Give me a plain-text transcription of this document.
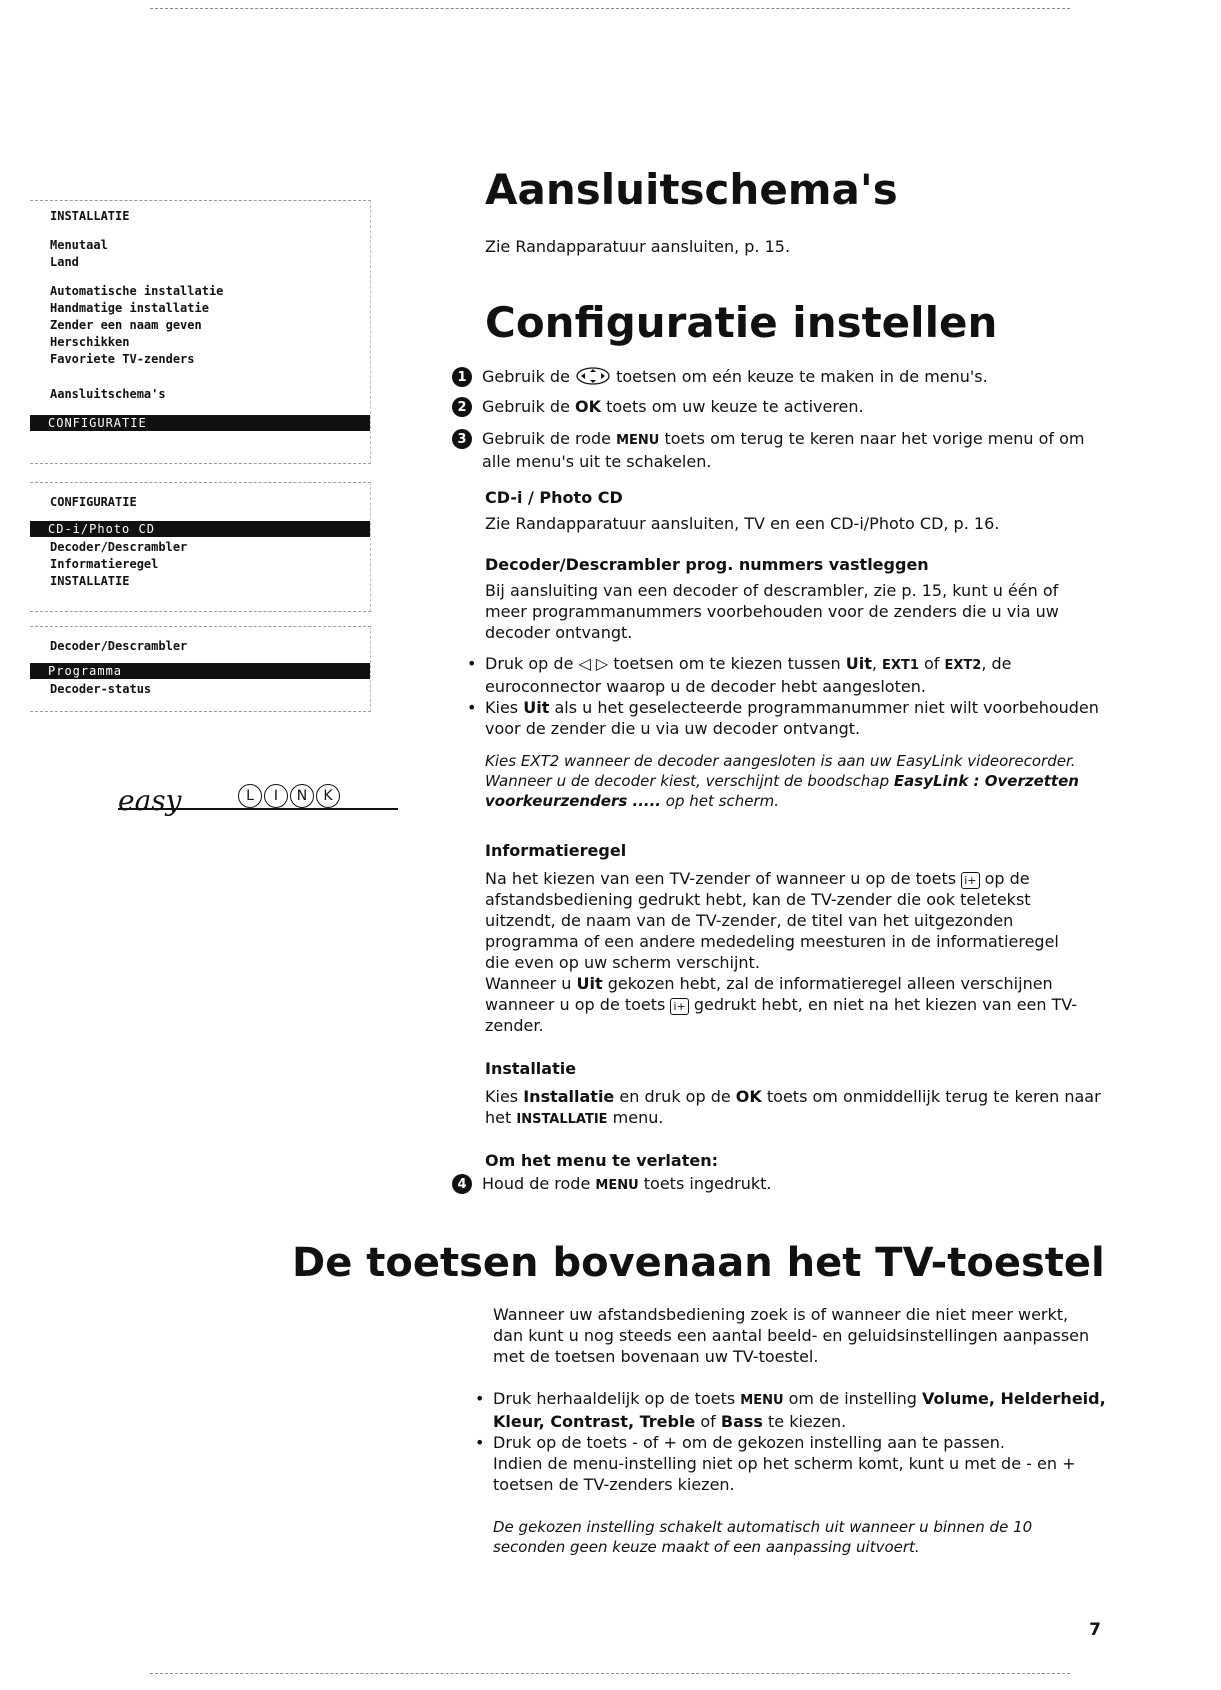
INSTALLATIE
Menutaal
Land
Automatische installatie
Handmatige installatie
Zender een naam geven
Herschikken
Favoriete TV-zenders
Aansluitschema's
CONFIGURATIE
CONFIGURATIE
CD-i/Photo CD
Decoder/Descrambler
Informatieregel
INSTALLATIE
Decoder/Descrambler
Programma
Decoder-status
easy	L	I	N	K
Aansluitschema's
Zie Randapparatuur aansluiten, p. 15.
Configuratie instellen
1 Gebruik de	toetsen om eén keuze te maken in de menu's.
2 Gebruik de OK toets om uw keuze te activeren.
3 Gebruik de rode MENU toets om terug te keren naar het vorige menu of om alle menu's uit te schakelen.
CD-i / Photo CD
Zie Randapparatuur aansluiten, TV en een CD-i/Photo CD, p. 16.
Decoder/Descrambler prog. nummers vastleggen
Bij aansluiting van een decoder of descrambler, zie p. 15, kunt u één of meer programmanummers voorbehouden voor de zenders die u via uw decoder ontvangt.
• Druk op de ◁ ▷ toetsen om te kiezen tussen Uit, EXT1 of EXT2, de euroconnector waarop u de decoder hebt aangesloten.
• Kies Uit als u het geselecteerde programmanummer niet wilt voorbehouden voor de zender die u via uw decoder ontvangt.
Kies EXT2 wanneer de decoder aangesloten is aan uw EasyLink videorecorder. Wanneer u de decoder kiest, verschijnt de boodschap EasyLink : Overzetten voorkeurzenders ..... op het scherm.
Informatieregel
Na het kiezen van een TV-zender of wanneer u op de toets i+ op de afstandsbediening gedrukt hebt, kan de TV-zender die ook teletekst uitzendt, de naam van de TV-zender, de titel van het uitgezonden programma of een andere mededeling meesturen in de informatieregel die even op uw scherm verschijnt.
Wanneer u Uit gekozen hebt, zal de informatieregel alleen verschijnen wanneer u op de toets i+ gedrukt hebt, en niet na het kiezen van een TV-zender.
Installatie
Kies Installatie en druk op de OK toets om onmiddellijk terug te keren naar het INSTALLATIE menu.
Om het menu te verlaten:
4 Houd de rode MENU toets ingedrukt.
De toetsen bovenaan het TV-toestel
Wanneer uw afstandsbediening zoek is of wanneer die niet meer werkt, dan kunt u nog steeds een aantal beeld- en geluidsinstellingen aanpassen met de toetsen bovenaan uw TV-toestel.
• Druk herhaaldelijk op de toets MENU om de instelling Volume, Helderheid, Kleur, Contrast, Treble of Bass te kiezen.
• Druk op de toets - of + om de gekozen instelling aan te passen.
Indien de menu-instelling niet op het scherm komt, kunt u met de - en + toetsen de TV-zenders kiezen.
De gekozen instelling schakelt automatisch uit wanneer u binnen de 10 seconden geen keuze maakt of een aanpassing uitvoert.
7
